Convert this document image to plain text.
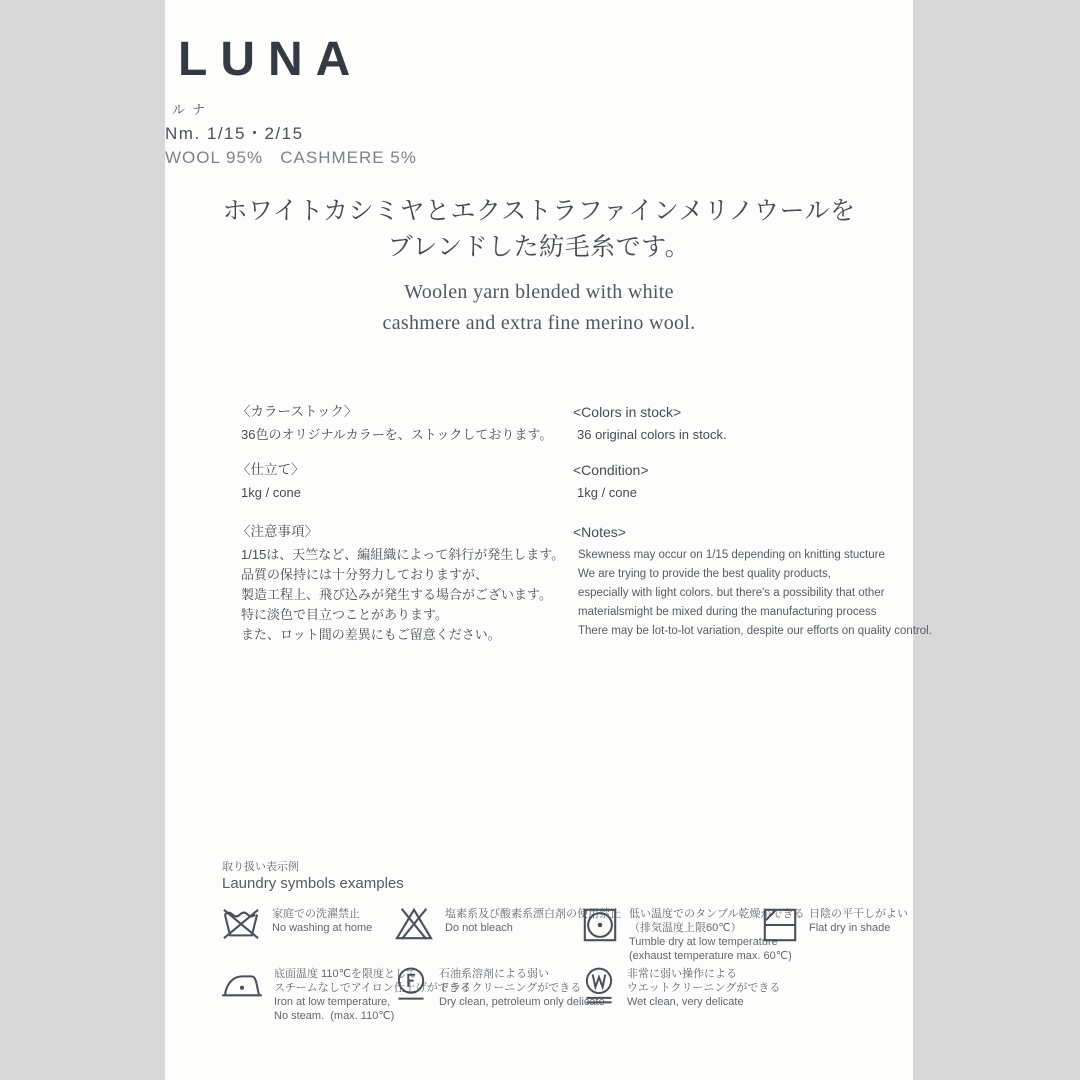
LUNA
ルナ
Nm. 1/15・2/15
WOOL 95%   CASHMERE 5%
ホワイトカシミヤとエクストラファインメリノウールを
ブレンドした紡毛糸です。
Woolen yarn blended with white
cashmere and extra fine merino wool.
〈カラーストック〉
36色のオリジナルカラーを、ストックしております。
〈仕立て〉
1kg / cone
〈注意事項〉
1/15は、天竺など、編組織によって斜行が発生します。
品質の保持には十分努力しておりますが、
製造工程上、飛び込みが発生する場合がございます。
特に淡色で目立つことがあります。
また、ロット間の差異にもご留意ください。
<Colors in stock>
36 original colors in stock.
<Condition>
1kg / cone
<Notes>
Skewness may occur on 1/15 depending on knitting stucture
We are trying to provide the best quality products,
especially with light colors. but there's a possibility that other
materialsmight be mixed during the manufacturing process
There may be lot-to-lot variation, despite our efforts on quality control.
取り扱い表示例
Laundry symbols examples
家庭での洗濯禁止
No washing at home
塩素系及び酸素系漂白剤の使用禁止
Do not bleach
低い温度でのタンブル乾燥ができる
（排気温度上限60℃）
Tumble dry at low temperature
(exhaust temperature max. 60℃)
日陰の平干しがよい
Flat dry in shade
底面温度 110℃を限度として
スチームなしでアイロン仕上げができる
Iron at low temperature,
No steam.  (max. 110℃)
石油系溶剤による弱い
ドライクリーニングができる
Dry clean, petroleum only delicate
非常に弱い操作による
ウエットクリーニングができる
Wet clean, very delicate
